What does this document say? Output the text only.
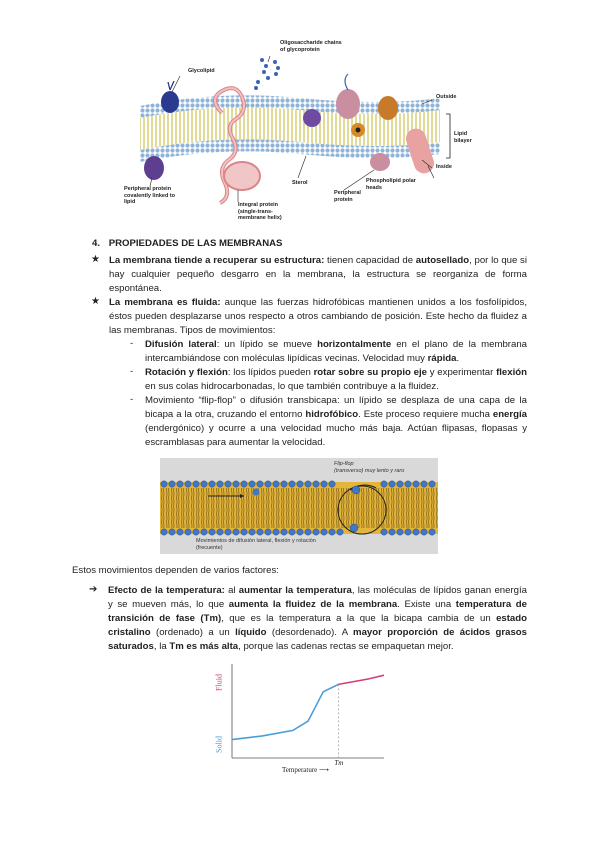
Oligosaccharide chains of glycoprotein
Glycolipid
Outside
Lipid bilayer
Inside
Phospholipid polar heads
Peripheral protein covalently linked to lipid
Sterol
Peripheral protein
Integral protein (single-trans-membrane helix)
4. PROPIEDADES DE LAS MEMBRANAS
★ La membrana tiende a recuperar su estructura: tienen capacidad de autosellado, por lo que si hay cualquier pequeño desgarro en la membrana, la estructura se reorganiza de forma espontánea.
★ La membrana es fluida: aunque las fuerzas hidrofóbicas mantienen unidos a los fosfolípidos, éstos pueden desplazarse unos respecto a otros cambiando de posición. Este hecho da fluidez a las membranas. Tipos de movimientos:
- Difusión lateral: un lípido se mueve horizontalmente en el plano de la membrana intercambiándose con moléculas lipídicas vecinas. Velocidad muy rápida.
- Rotación y flexión: los lípidos pueden rotar sobre su propio eje y experimentar flexión en sus colas hidrocarbonadas, lo que también contribuye a la fluidez.
- Movimiento “flip-flop” o difusión transbicapa: un lípido se desplaza de una capa de la bicapa a la otra, cruzando el entorno hidrofóbico. Este proceso requiere mucha energía (endergónico) y ocurre a una velocidad mucho más baja. Actúan flipasas, flopasas y escramblasas para aumentar la velocidad.
Flip-flop
(transverso) muy lento y raro
Movimientos de difusión lateral, flexión y rotación (frecuente)
Estos movimientos dependen de varios factores:
➔ Efecto de la temperatura: al aumentar la temperatura, las moléculas de lípidos ganan energía y se mueven más, lo que aumenta la fluidez de la membrana. Existe una temperatura de transición de fase (Tm), que es la temperatura a la que la bicapa cambia de un estado cristalino (ordenado) a un líquido (desordenado). A mayor proporción de ácidos grasos saturados, la Tm es más alta, porque las cadenas rectas se empaquetan mejor.
Fluid
Solid
Tm
Temperature ⟶
